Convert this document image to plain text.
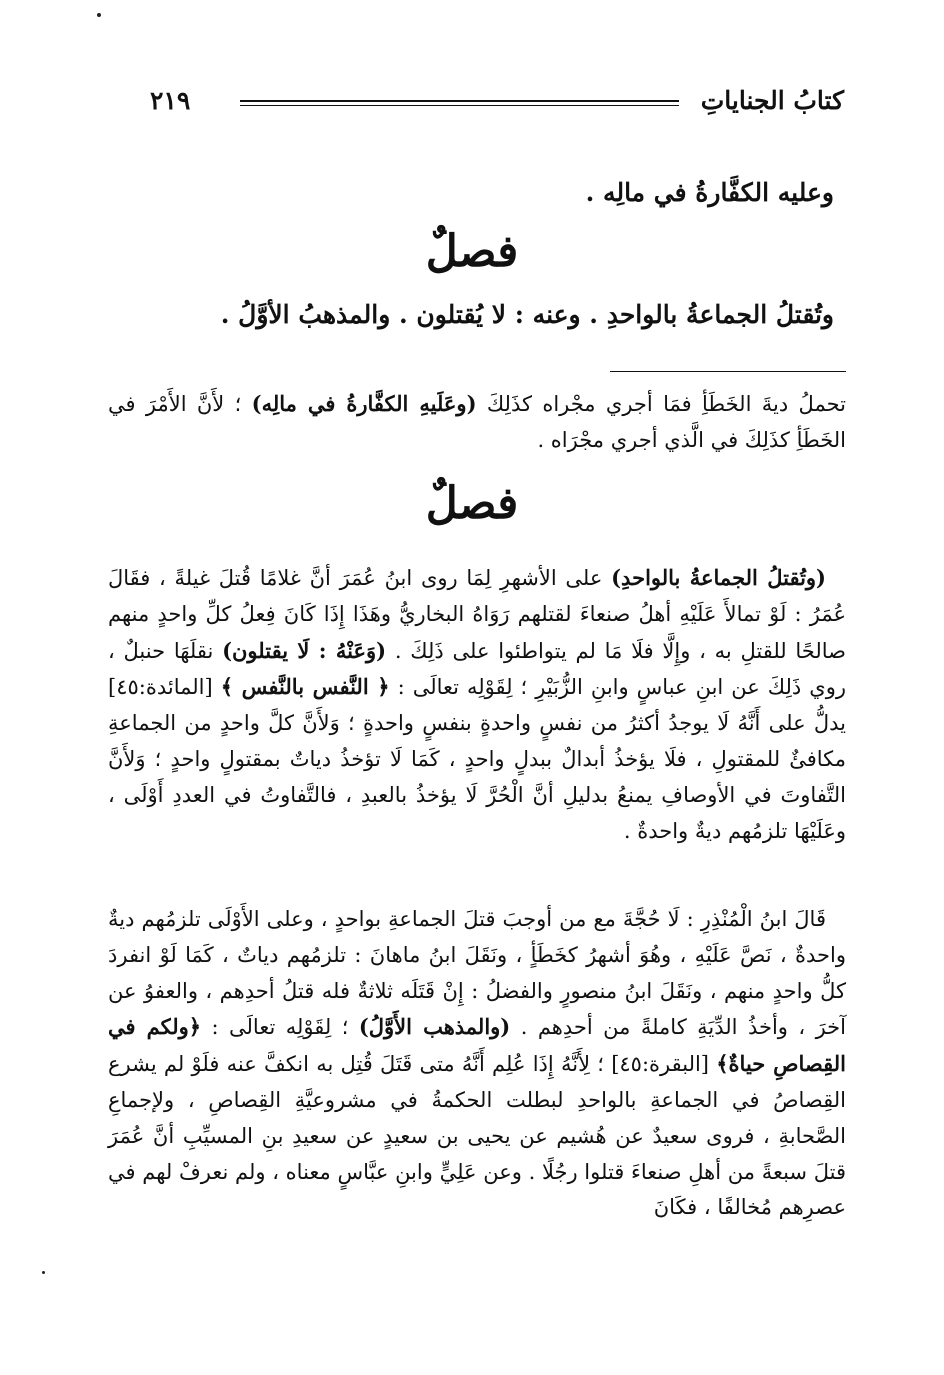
كتابُ الجناياتِ
٢١٩
وعليه الكفَّارةُ في مالِه .
فصلٌ
وتُقتلُ الجماعةُ بالواحدِ . وعنه : لا يُقتلون . والمذهبُ الأوَّلُ .
تحملُ ديةَ الخَطَأِ فمَا أجري مجْراه كذَلِكَ (وعَلَيهِ الكفَّارةُ في مالِه) ؛ لأَنَّ الأَمْرَ في الخَطَأِ كذَلِكَ في الَّذي أجري مجْرَاه .
فصلٌ
(وتُقتلُ الجماعةُ بالواحدِ) على الأشهرِ لِمَا روى ابنُ عُمَرَ أنَّ غلامًا قُتلَ غيلةً ، فقَالَ عُمَرُ : لَوْ تمالأَ عَلَيْهِ أهلُ صنعاءَ لقتلهم رَوَاهُ البخاريُّ وهَذَا إِذَا كَانَ فِعلُ كلِّ واحدٍ منهم صالحًا للقتلِ به ، وإِلَّا فلَا مَا لم يتواطئوا على ذَلِكَ . (وَعَنْهُ : لَا يقتلون) نقلَهَا حنبلٌ ، روي ذَلِكَ عن ابنِ عباسٍ وابنِ الزُّبَيْرِ ؛ لِقَوْلِه تعالَى : ﴿ النَّفس بالنَّفس ﴾ [المائدة:٤٥] يدلُّ على أَنَّهُ لَا يوجدُ أكثرُ من نفسٍ واحدةٍ بنفسٍ واحدةٍ ؛ وَلأَنَّ كلَّ واحدٍ من الجماعةِ مكافئٌ للمقتولِ ، فلَا يؤخذُ أبدالٌ ببدلٍ واحدٍ ، كَمَا لَا تؤخذُ دياتٌ بمقتولٍ واحدٍ ؛ وَلأَنَّ التَّفاوتَ في الأوصافِ يمنعُ بدليلِ أنَّ الْحُرَّ لَا يؤخذُ بالعبدِ ، فالتَّفاوتُ في العددِ أَوْلَى ، وعَلَيْهَا تلزمُهم ديةٌ واحدةٌ .
قَالَ ابنُ الْمُنْذِرِ : لَا حُجَّةَ مع من أوجبَ قتلَ الجماعةِ بواحدٍ ، وعلى الأَوْلَى تلزمُهم ديةٌ واحدةٌ ، نَصَّ عَلَيْهِ ، وهُوَ أشهرُ كخَطَأٍ ، ونَقَلَ ابنُ ماهانَ : تلزمُهم دياتٌ ، كَمَا لَوْ انفردَ كلُّ واحدٍ منهم ، ونَقَلَ ابنُ منصورٍ والفضلُ : إِنْ قَتَلَه ثلاثةٌ فله قتلُ أحدِهم ، والعفوُ عن آخرَ ، وأخذُ الدِّيَةِ كاملةً من أحدِهم . (والمذهب الأَوَّلُ) ؛ لِقَوْلِه تعالَى : ﴿ولكم في القِصاصِ حياةٌ﴾ [البقرة:٤٥] ؛ لِأَنَّهُ إِذَا عُلِم أَنَّهُ متى قَتَلَ قُتِل به انكفَّ عنه فلَوْ لم يشرع القِصاصُ في الجماعةِ بالواحدِ لبطلت الحكمةُ في مشروعيَّةِ القِصاصِ ، ولإجماعِ الصَّحابةِ ، فروى سعيدٌ عن هُشيم عن يحيى بن سعيدٍ عن سعيدِ بنِ المسيِّبِ أنَّ عُمَرَ قتلَ سبعةً من أهلِ صنعاءَ قتلوا رجُلًا . وعن عَلِيٍّ وابنِ عبَّاسٍ معناه ، ولم نعرفْ لهم في عصرِهم مُخالفًا ، فكَانَ
